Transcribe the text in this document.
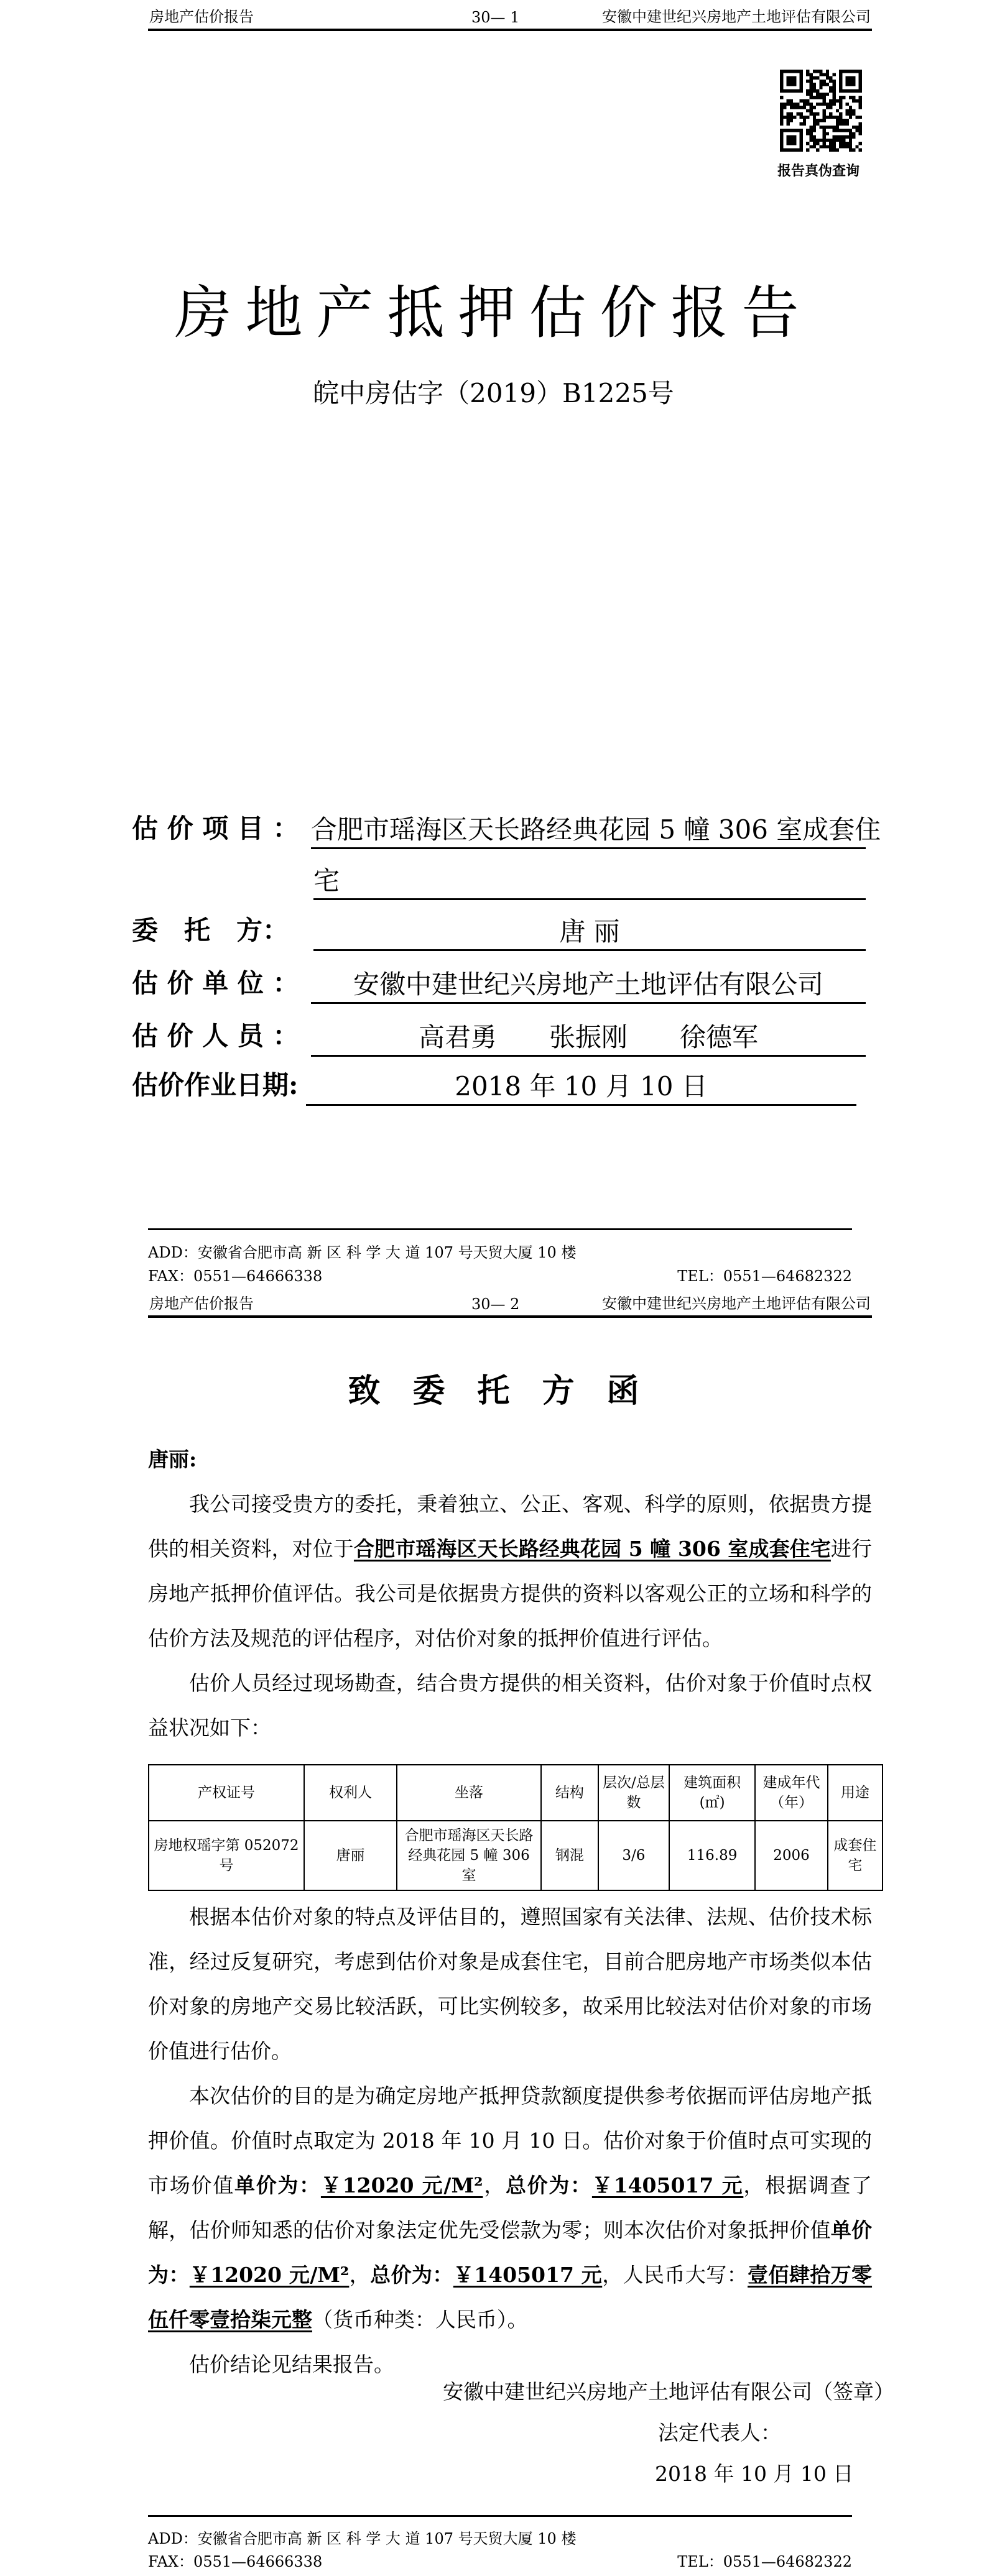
房地产估价报告	30— 1	安徽中建世纪兴房地产土地评估有限公司
报告真伪查询
房地产抵押估价报告
皖中房估字（2019）B1225号
估 价 项 目 ： 合肥市瑶海区天长路经典花园 5 幢 306 室成套住
宅
委　托　方：	唐 丽
估 价 单 位 ：	安徽中建世纪兴房地产土地评估有限公司
估 价 人 员 ：	高君勇　　张振刚　　徐德军
估价作业日期:	2018 年 10 月 10 日
ADD：安徽省合肥市高 新 区 科 学 大 道 107 号天贸大厦 10 楼
FAX：0551—64666338	TEL：0551—64682322
房地产估价报告	30— 2	安徽中建世纪兴房地产土地评估有限公司
致委托方函

唐丽:

我公司接受贵方的委托，秉着独立、公正、客观、科学的原则，依据贵方提供的相关资料，对位于合肥市瑶海区天长路经典花园 5 幢 306 室成套住宅进行房地产抵押价值评估。我公司是依据贵方提供的资料以客观公正的立场和科学的估价方法及规范的评估程序，对估价对象的抵押价值进行评估。

估价人员经过现场勘查，结合贵方提供的相关资料，估价对象于价值时点权益状况如下：

产权证号	权利人	坐落	结构	层次/总层数	建筑面积(㎡)	建成年代（年）	用途
房地权瑶字第 052072 号	唐丽	合肥市瑶海区天长路经典花园 5 幢 306 室	钢混	3/6	116.89	2006	成套住宅

根据本估价对象的特点及评估目的，遵照国家有关法律、法规、估价技术标准，经过反复研究，考虑到估价对象是成套住宅，目前合肥房地产市场类似本估价对象的房地产交易比较活跃，可比实例较多，故采用比较法对估价对象的市场价值进行估价。

本次估价的目的是为确定房地产抵押贷款额度提供参考依据而评估房地产抵押价值。价值时点取定为 2018 年 10 月 10 日。估价对象于价值时点可实现的市场价值单价为：￥12020 元/M²，总价为：￥1405017 元，根据调查了解，估价师知悉的估价对象法定优先受偿款为零；则本次估价对象抵押价值单价为：￥12020 元/M²，总价为：￥1405017 元，人民币大写：壹佰肆拾万零伍仟零壹拾柒元整（货币种类：人民币）。

估价结论见结果报告。

安徽中建世纪兴房地产土地评估有限公司（签章）
法定代表人：
2018 年 10 月 10 日
ADD：安徽省合肥市高 新 区 科 学 大 道 107 号天贸大厦 10 楼
FAX：0551—64666338	TEL：0551—64682322
